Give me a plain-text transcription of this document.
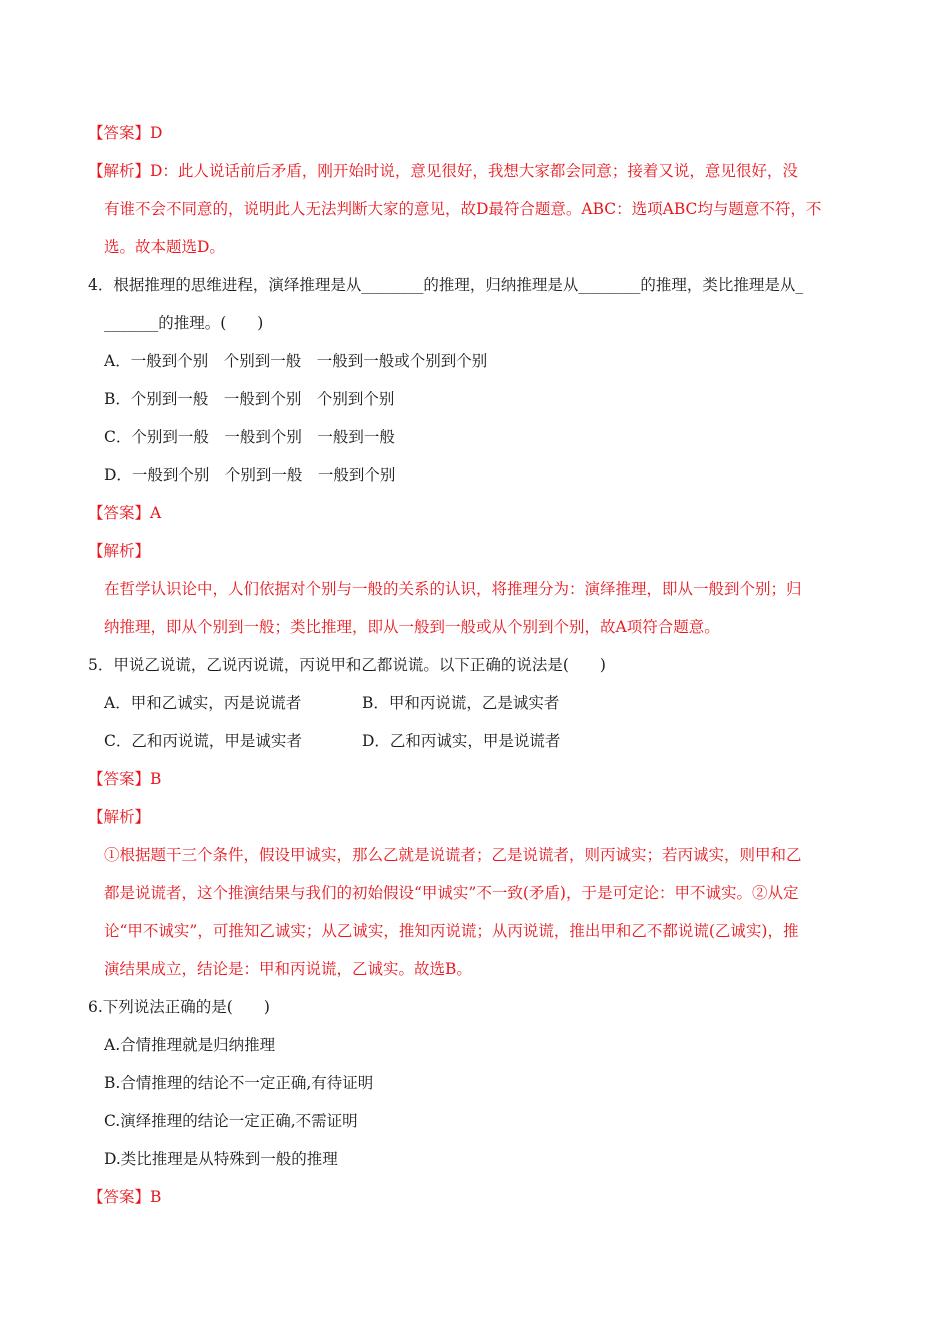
【答案】D

【解析】D：此人说话前后矛盾，刚开始时说，意见很好，我想大家都会同意；接着又说，意见很好，没

有谁不会不同意的，说明此人无法判断大家的意见，故D最符合题意。ABC：选项ABC均与题意不符，不

选。故本题选D。

4．根据推理的思维进程，演绎推理是从________的推理，归纳推理是从________的推理，类比推理是从_

_______的推理。(　　)

A．一般到个别　个别到一般　一般到一般或个别到个别

B．个别到一般　一般到个别　个别到个别

C．个别到一般　一般到个别　一般到一般

D．一般到个别　个别到一般　一般到个别

【答案】A

【解析】

在哲学认识论中，人们依据对个别与一般的关系的认识，将推理分为：演绎推理，即从一般到个别；归

纳推理，即从个别到一般；类比推理，即从一般到一般或从个别到个别，故A项符合题意。

5．甲说乙说谎，乙说丙说谎，丙说甲和乙都说谎。以下正确的说法是(　　)

A．甲和乙诚实，丙是说谎者	B．甲和丙说谎，乙是诚实者

C．乙和丙说谎，甲是诚实者	D．乙和丙诚实，甲是说谎者

【答案】B

【解析】

①根据题干三个条件，假设甲诚实，那么乙就是说谎者；乙是说谎者，则丙诚实；若丙诚实，则甲和乙

都是说谎者，这个推演结果与我们的初始假设“甲诚实”不一致(矛盾)，于是可定论：甲不诚实。②从定

论“甲不诚实”，可推知乙诚实；从乙诚实，推知丙说谎；从丙说谎，推出甲和乙不都说谎(乙诚实)，推

演结果成立，结论是：甲和丙说谎，乙诚实。故选B。

6.下列说法正确的是(　　)

A.合情推理就是归纳推理

B.合情推理的结论不一定正确,有待证明

C.演绎推理的结论一定正确,不需证明

D.类比推理是从特殊到一般的推理

【答案】B
